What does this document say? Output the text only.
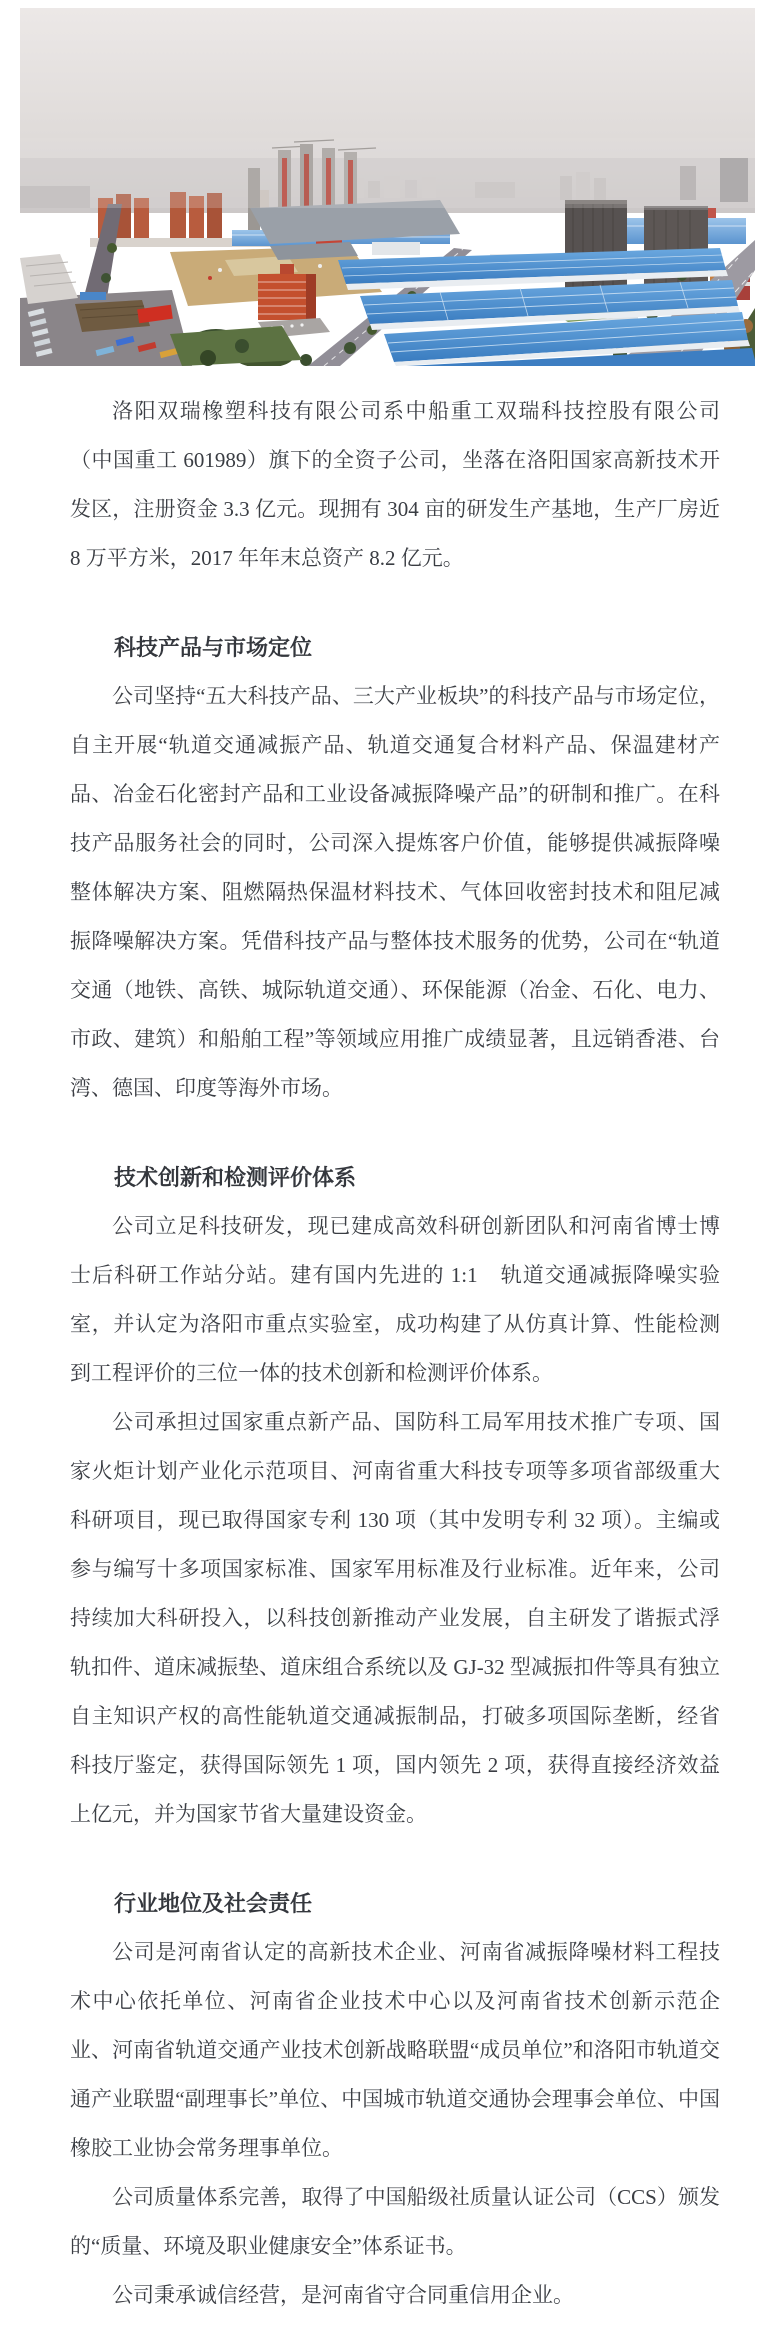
洛阳双瑞橡塑科技有限公司系中船重工双瑞科技控股有限公司（中国重工 601989）旗下的全资子公司，坐落在洛阳国家高新技术开发区，注册资金 3.3 亿元。现拥有 304 亩的研发生产基地，生产厂房近 8 万平方米，2017 年年末总资产 8.2 亿元。

科技产品与市场定位

公司坚持“五大科技产品、三大产业板块”的科技产品与市场定位，自主开展“轨道交通减振产品、轨道交通复合材料产品、保温建材产品、冶金石化密封产品和工业设备减振降噪产品”的研制和推广。在科技产品服务社会的同时，公司深入提炼客户价值，能够提供减振降噪整体解决方案、阻燃隔热保温材料技术、气体回收密封技术和阻尼减振降噪解决方案。凭借科技产品与整体技术服务的优势，公司在“轨道交通（地铁、高铁、城际轨道交通）、环保能源（冶金、石化、电力、市政、建筑）和船舶工程”等领域应用推广成绩显著，且远销香港、台湾、德国、印度等海外市场。

技术创新和检测评价体系

公司立足科技研发，现已建成高效科研创新团队和河南省博士博士后科研工作站分站。建有国内先进的 1:1　轨道交通减振降噪实验室，并认定为洛阳市重点实验室，成功构建了从仿真计算、性能检测到工程评价的三位一体的技术创新和检测评价体系。

公司承担过国家重点新产品、国防科工局军用技术推广专项、国家火炬计划产业化示范项目、河南省重大科技专项等多项省部级重大科研项目，现已取得国家专利 130 项（其中发明专利 32 项）。主编或参与编写十多项国家标准、国家军用标准及行业标准。近年来，公司持续加大科研投入，以科技创新推动产业发展，自主研发了谐振式浮轨扣件、道床减振垫、道床组合系统以及 GJ-32 型减振扣件等具有独立自主知识产权的高性能轨道交通减振制品，打破多项国际垄断，经省科技厅鉴定，获得国际领先 1 项，国内领先 2 项，获得直接经济效益上亿元，并为国家节省大量建设资金。

行业地位及社会责任

公司是河南省认定的高新技术企业、河南省减振降噪材料工程技术中心依托单位、河南省企业技术中心以及河南省技术创新示范企业、河南省轨道交通产业技术创新战略联盟“成员单位”和洛阳市轨道交通产业联盟“副理事长”单位、中国城市轨道交通协会理事会单位、中国橡胶工业协会常务理事单位。

公司质量体系完善，取得了中国船级社质量认证公司（CCS）颁发的“质量、环境及职业健康安全”体系证书。

公司秉承诚信经营，是河南省守合同重信用企业。
